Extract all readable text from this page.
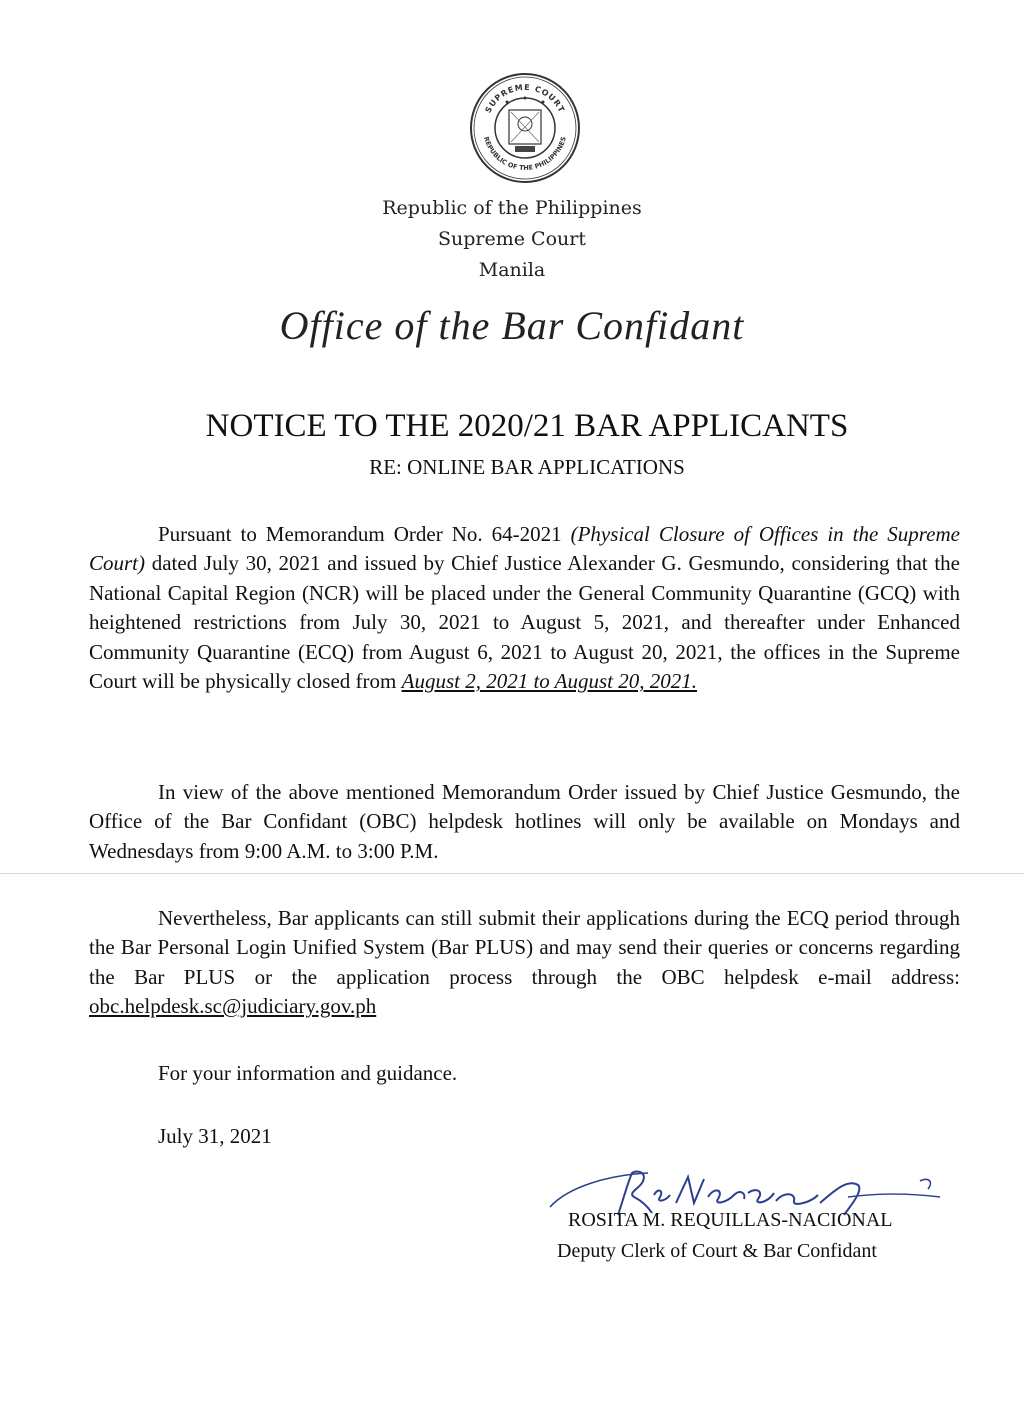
SUPREME COURT
REPUBLIC OF THE PHILIPPINES
Republic of the Philippines
Supreme Court
Manila
Office of the Bar Confidant
NOTICE TO THE 2020/21 BAR APPLICANTS
RE: ONLINE BAR APPLICATIONS
Pursuant to Memorandum Order No. 64-2021 (Physical Closure of Offices in the Supreme Court) dated July 30, 2021 and issued by Chief Justice Alexander G. Gesmundo, considering that the National Capital Region (NCR) will be placed under the General Community Quarantine (GCQ) with heightened restrictions from July 30, 2021 to August 5, 2021, and thereafter under Enhanced Community Quarantine (ECQ) from August 6, 2021 to August 20, 2021, the offices in the Supreme Court will be physically closed from August 2, 2021 to August 20, 2021.
In view of the above mentioned Memorandum Order issued by Chief Justice Gesmundo, the Office of the Bar Confidant (OBC) helpdesk hotlines will only be available on Mondays and Wednesdays from 9:00 A.M. to 3:00 P.M.
Nevertheless, Bar applicants can still submit their applications during the ECQ period through the Bar Personal Login Unified System (Bar PLUS) and may send their queries or concerns regarding the Bar PLUS or the application process through the OBC helpdesk e-mail address: obc.helpdesk.sc@judiciary.gov.ph
For your information and guidance.
July 31, 2021
ROSITA M. REQUILLAS-NACIONAL
Deputy Clerk of Court & Bar Confidant
